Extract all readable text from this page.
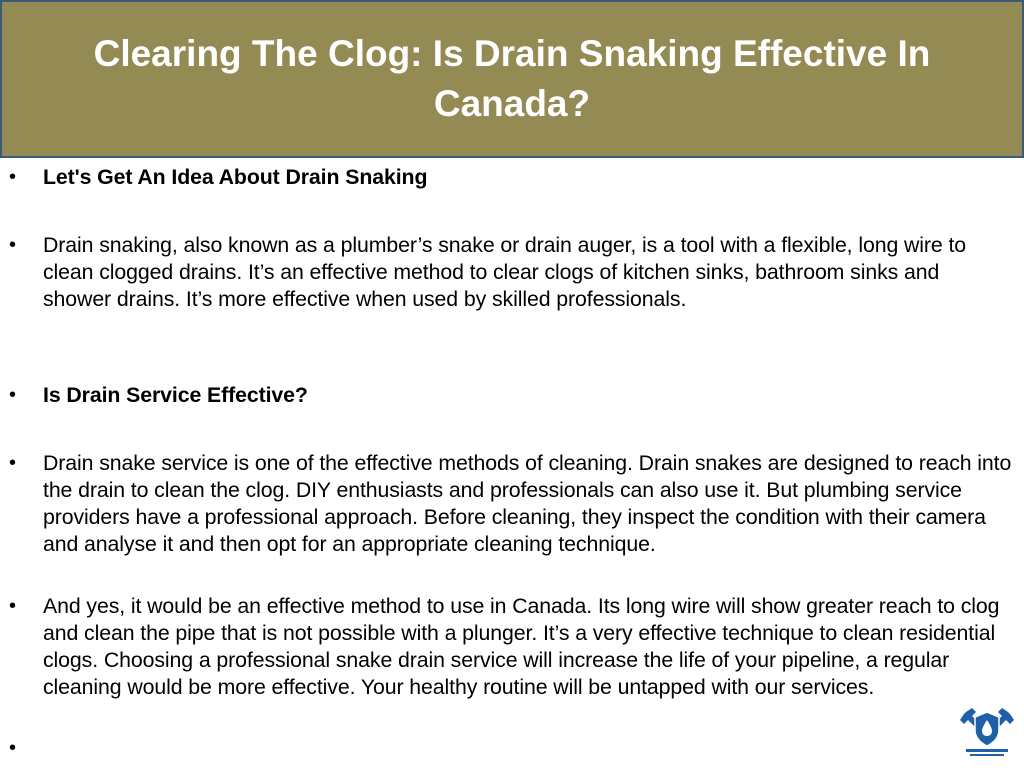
Clearing The Clog: Is Drain Snaking Effective In Canada?
• Let's Get An Idea About Drain Snaking
• Drain snaking, also known as a plumber’s snake or drain auger, is a tool with a flexible, long wire to clean clogged drains. It’s an effective method to clear clogs of kitchen sinks, bathroom sinks and shower drains. It’s more effective when used by skilled professionals.
• Is Drain Service Effective?
• Drain snake service is one of the effective methods of cleaning. Drain snakes are designed to reach into the drain to clean the clog. DIY enthusiasts and professionals can also use it. But plumbing service providers have a professional approach. Before cleaning, they inspect the condition with their camera and analyse it and then opt for an appropriate cleaning technique.
• And yes, it would be an effective method to use in Canada. Its long wire will show greater reach to clog and clean the pipe that is not possible with a plunger. It’s a very effective technique to clean residential clogs. Choosing a professional snake drain service will increase the life of your pipeline, a regular cleaning would be more effective. Your healthy routine will be untapped with our services.
•
